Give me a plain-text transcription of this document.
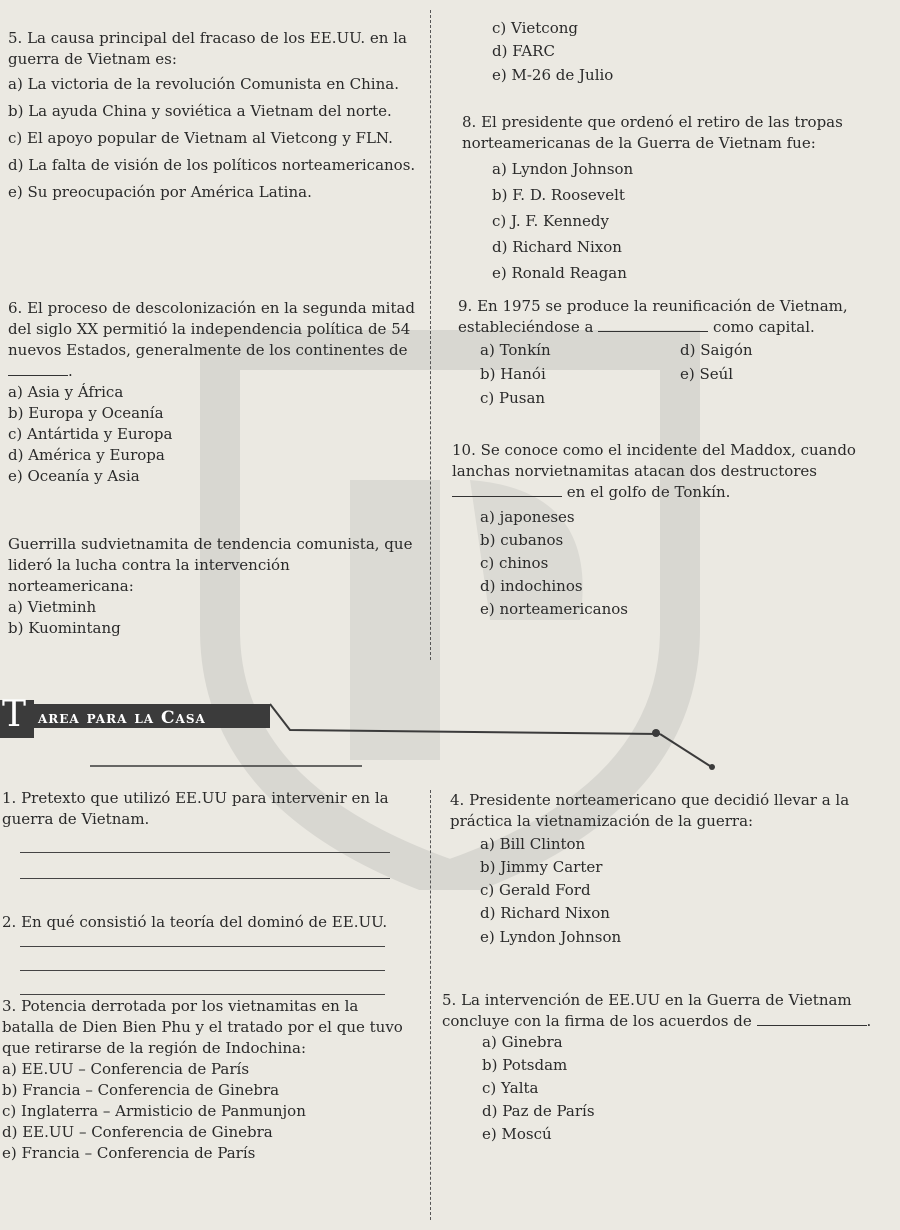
5. La causa principal del fracaso de los EE.UU. en la guerra de Vietnam es:

a) La victoria de la revolución Comunista en China.

b) La ayuda China y soviética a Vietnam del norte.

c) El apoyo popular de Vietnam al Vietcong y FLN.

d) La falta de visión de los políticos norteamericanos.

e) Su preocupación por América Latina.

c) Vietcong

d) FARC

e) M-26 de Julio

8. El presidente que ordenó el retiro de las tropas norteamericanas de la Guerra de Vietnam fue:

a) Lyndon Johnson

b) F. D. Roosevelt

c) J. F. Kennedy

d) Richard Nixon

e) Ronald Reagan

6. El proceso de descolonización en la segunda mitad del siglo XX permitió la independencia política de 54 nuevos Estados, generalmente de los continentes de .

a) Asia y África

b) Europa y Oceanía

c) Antártida y Europa

d) América y Europa

e) Oceanía y Asia

9. En 1975 se produce la reunificación de Vietnam, estableciéndose a	como capital.

a) Tonkín

b) Hanói

c) Pusan

d) Saigón

e) Seúl

10. Se conoce como el incidente del Maddox, cuando lanchas norvietnamitas atacan dos destructores  en el golfo de Tonkín.

a) japoneses

b) cubanos

c) chinos

d) indochinos

e) norteamericanos

Guerrilla sudvietnamita de tendencia comunista, que lideró la lucha contra la intervención norteamericana:

a) Vietminh

b) Kuomintang

T area para la Casa

1. Pretexto que utilizó EE.UU para intervenir en la guerra de Vietnam.

2. En qué consistió la teoría del dominó de EE.UU.

3. Potencia derrotada por los vietnamitas en la batalla de Dien Bien Phu y el tratado por el que tuvo que retirarse de la región de Indochina:

a) EE.UU – Conferencia de París

b) Francia – Conferencia de Ginebra

c) Inglaterra – Armisticio de Panmunjon

d) EE.UU – Conferencia de Ginebra

e) Francia – Conferencia de París

4. Presidente norteamericano que decidió llevar a la práctica la vietnamización de la guerra:

a) Bill Clinton

b) Jimmy Carter

c) Gerald Ford

d) Richard Nixon

e) Lyndon Johnson

5. La intervención de EE.UU en la Guerra de Vietnam concluye con la firma de los acuerdos de	.

a) Ginebra

b) Potsdam

c) Yalta

d) Paz de París

e) Moscú
